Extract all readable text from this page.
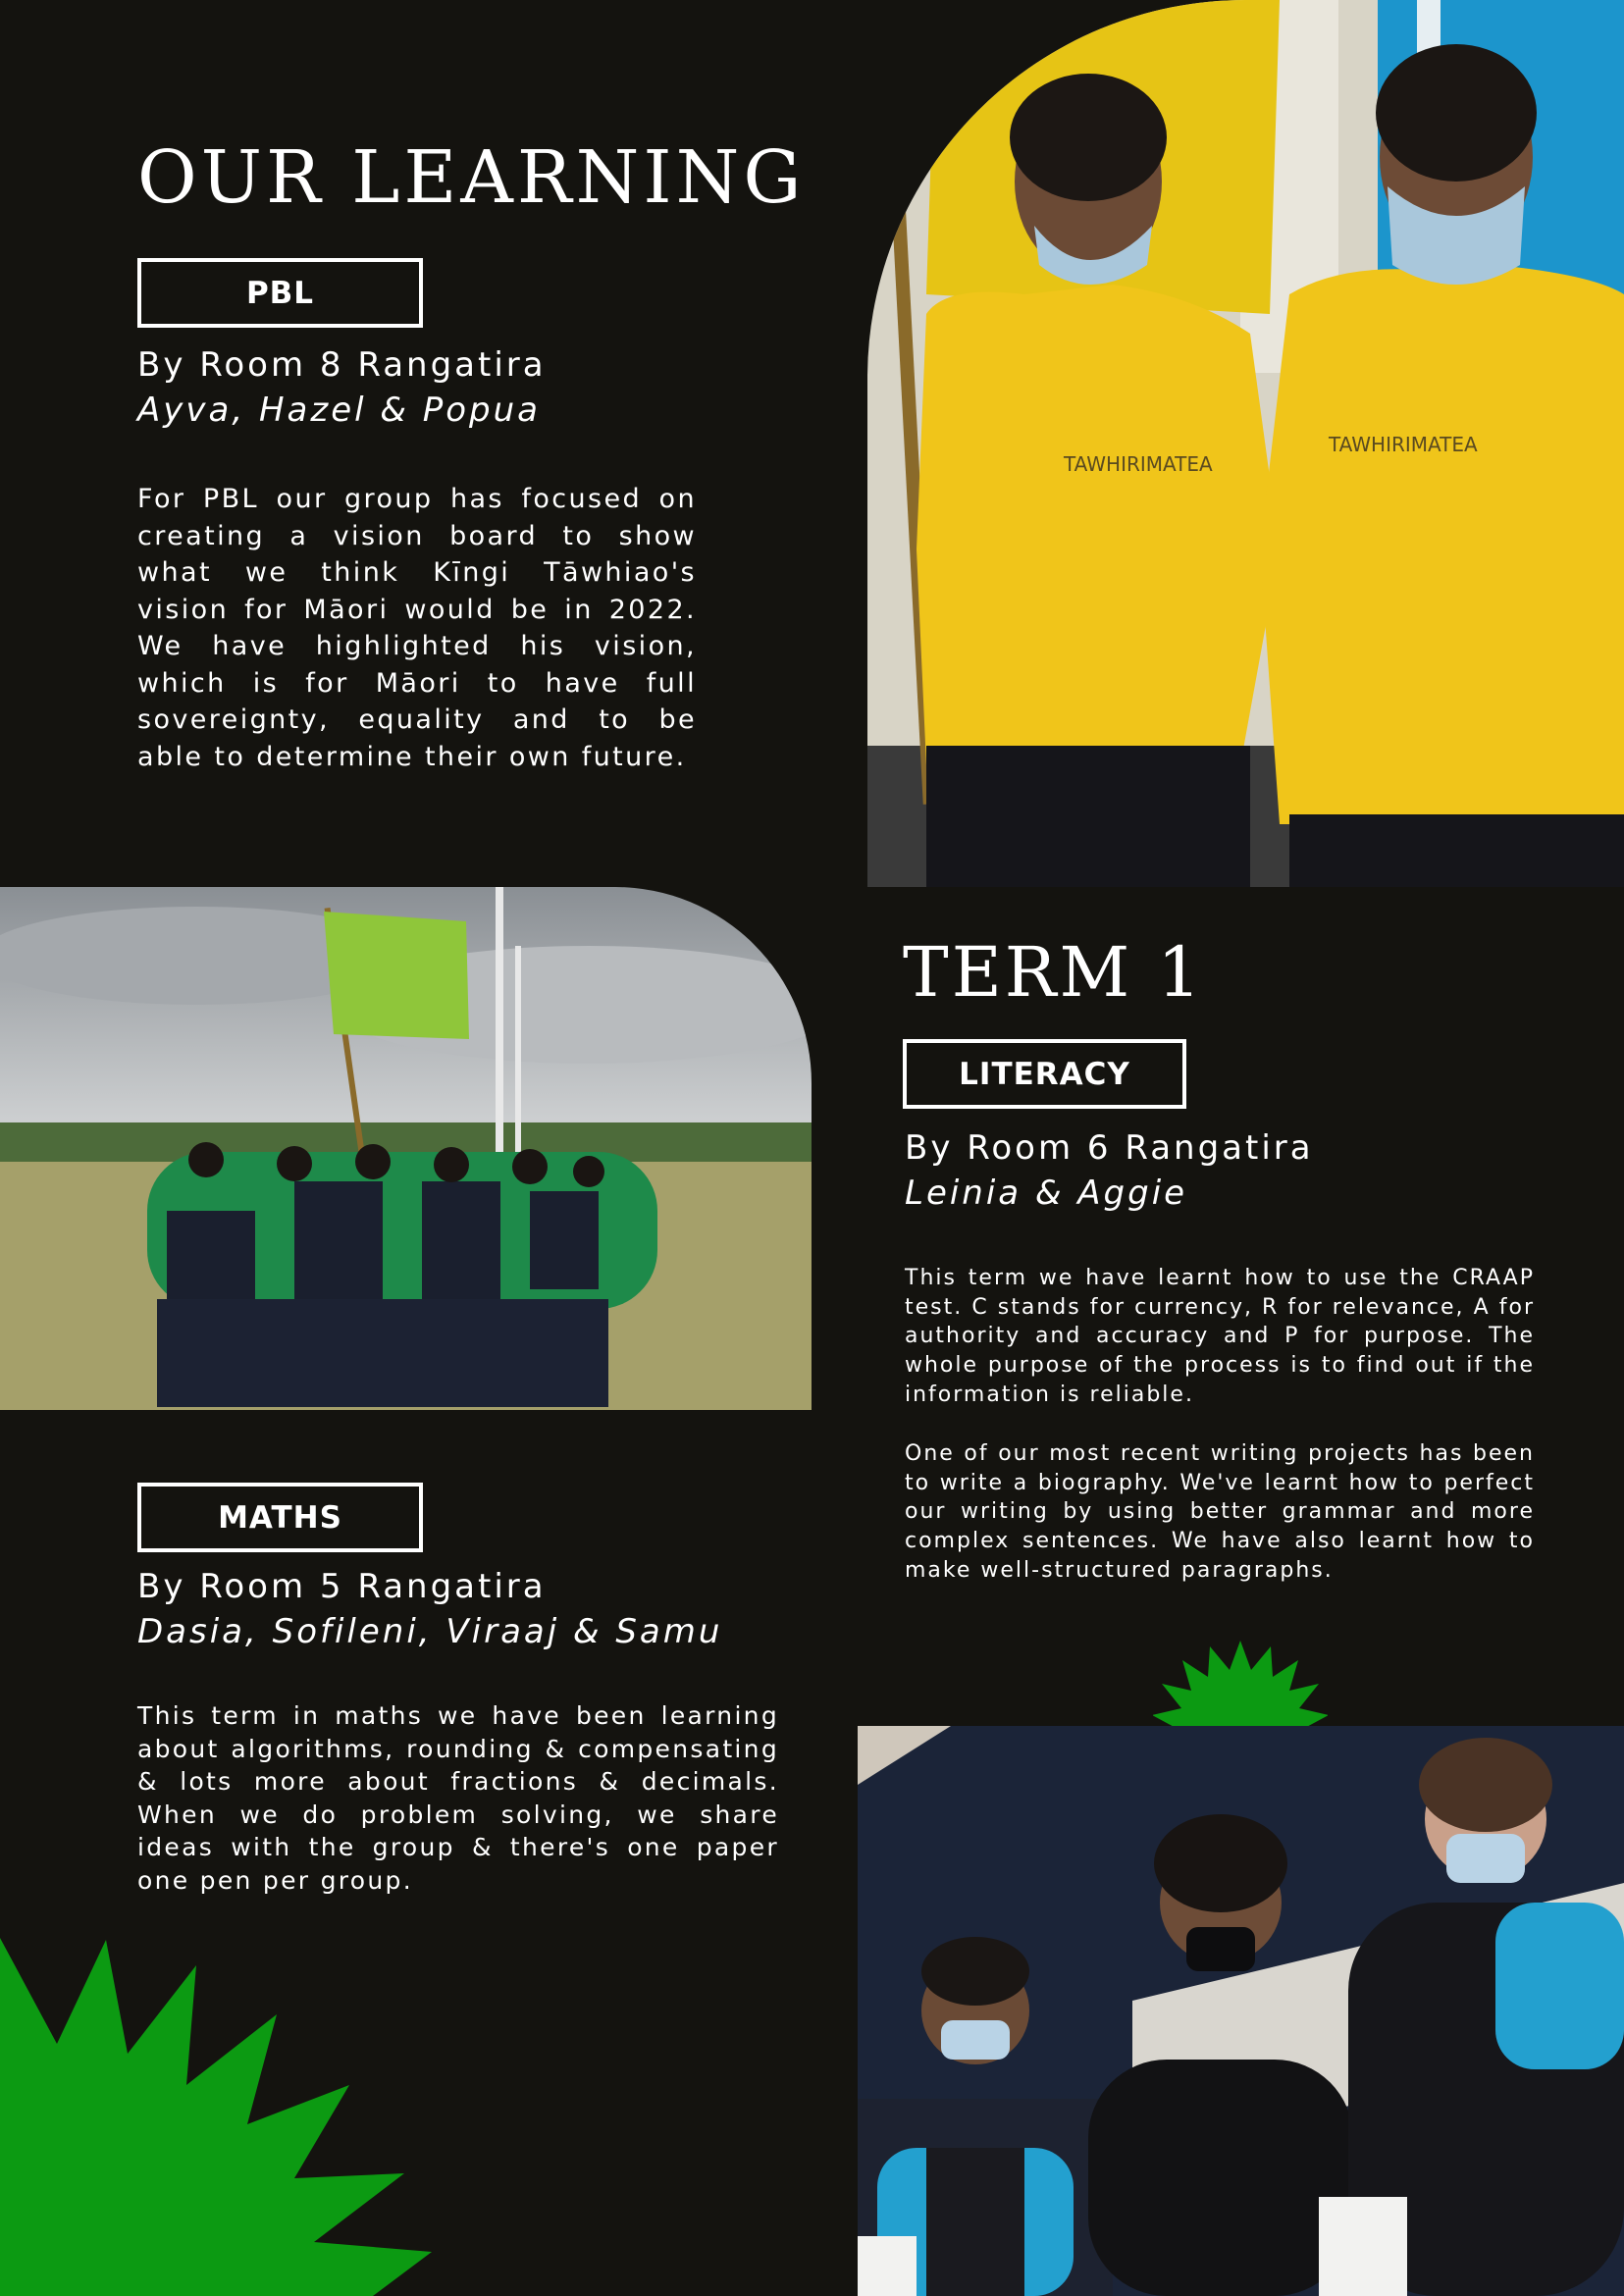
OUR LEARNING
PBL
By Room 8 Rangatira
Ayva, Hazel & Popua

For PBL our group has focused on creating a vision board to show what we think Kīngi Tāwhiao's vision for Māori would be in 2022. We have highlighted his vision, which is for Māori to have full sovereignty, equality and to be able to determine their own future.

TAWHIRIMATEA
TAWHIRIMATEA
TERM 1
LITERACY
By Room 6 Rangatira
Leinia & Aggie

This term we have learnt how to use the CRAAP test. C stands for currency, R for relevance, A for authority and accuracy and P for purpose. The whole purpose of the process is to find out if the information is reliable.

One of our most recent writing projects has been to write a biography. We've learnt how to perfect our writing by using better grammar and more complex sentences. We have also learnt how to make well-structured paragraphs.

MATHS
By Room 5 Rangatira
Dasia, Sofileni, Viraaj & Samu

This term in maths we have been learning about algorithms, rounding & compensating & lots more about fractions & decimals. When we do problem solving, we share ideas with the group & there's one paper one pen per group.
